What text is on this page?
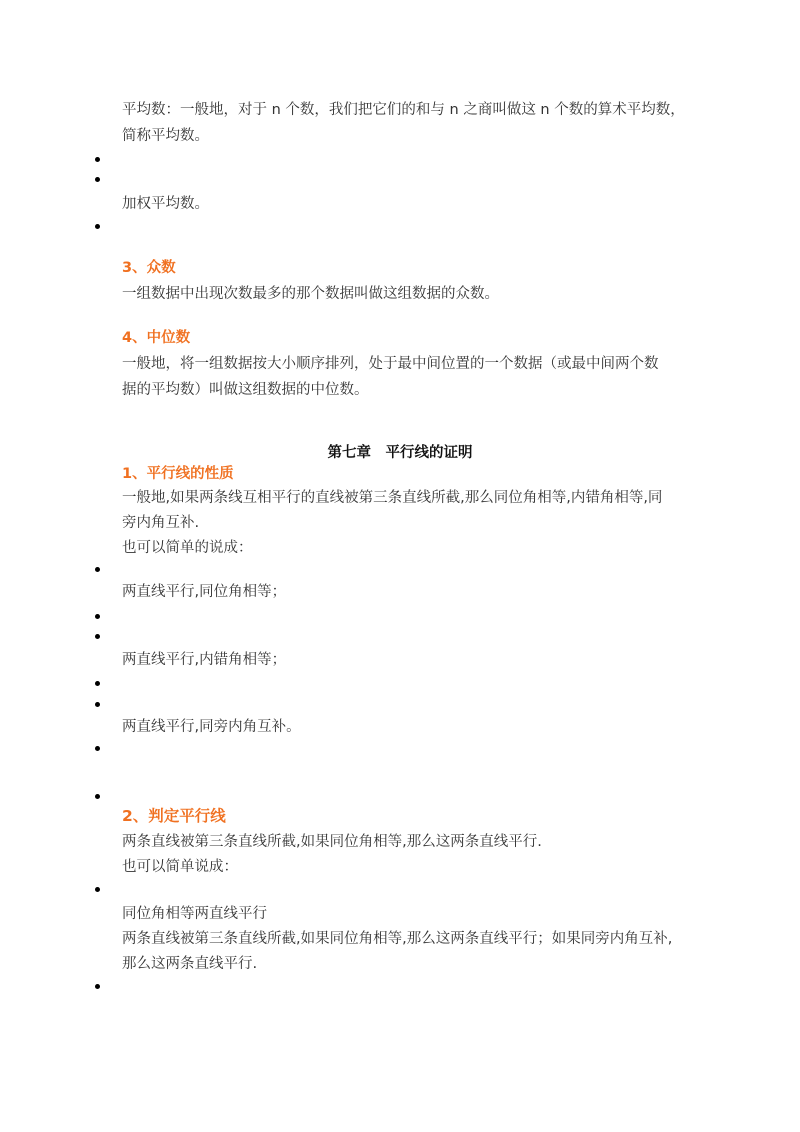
平均数：一般地，对于 n 个数，我们把它们的和与 n 之商叫做这 n 个数的算术平均数，
简称平均数。
加权平均数。
3、众数
一组数据中出现次数最多的那个数据叫做这组数据的众数。
4、中位数
一般地，将一组数据按大小顺序排列，处于最中间位置的一个数据（或最中间两个数
据的平均数）叫做这组数据的中位数。
第七章　平行线的证明
1、平行线的性质
一般地,如果两条线互相平行的直线被第三条直线所截,那么同位角相等,内错角相等,同
旁内角互补.
也可以简单的说成：
两直线平行,同位角相等；
两直线平行,内错角相等；
两直线平行,同旁内角互补。
2、判定平行线
两条直线被第三条直线所截,如果同位角相等,那么这两条直线平行.
也可以简单说成：
同位角相等两直线平行
两条直线被第三条直线所截,如果同位角相等,那么这两条直线平行；如果同旁内角互补,
那么这两条直线平行.
